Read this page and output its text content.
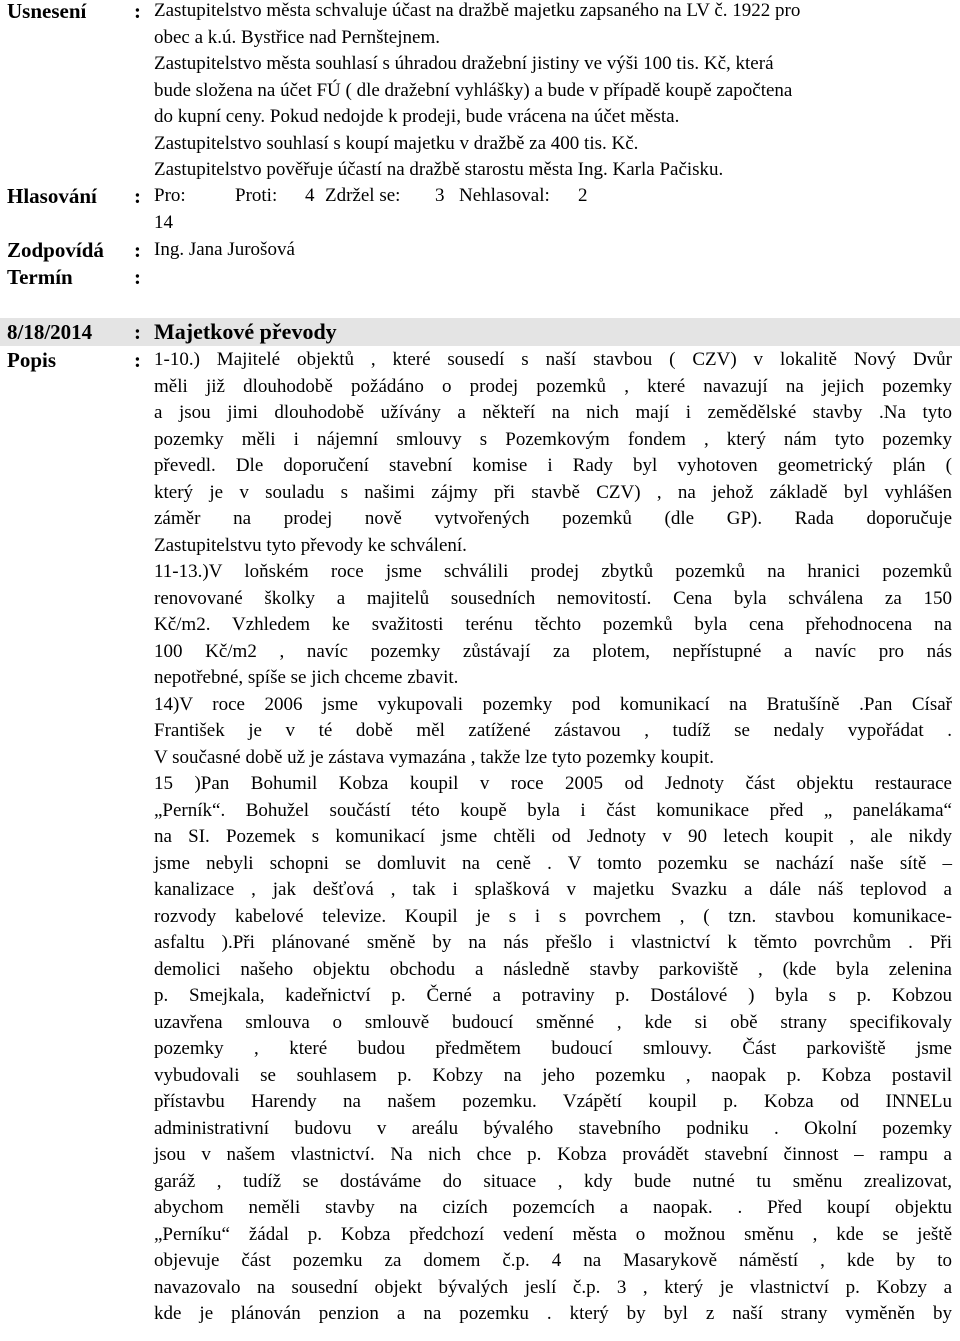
Usnesení : Zastupitelstvo města schvaluje účast na dražbě majetku zapsaného na LV č. 1922 pro
obec a k.ú. Bystřice nad Pernštejnem.
Zastupitelstvo města souhlasí s úhradou dražební jistiny ve výši 100 tis. Kč, která
bude složena na účet FÚ ( dle dražební vyhlášky) a bude v případě koupě započtena
do kupní ceny. Pokud nedojde k prodeji, bude vrácena na účet města.
Zastupitelstvo souhlasí s koupí majetku v dražbě za 400 tis. Kč.
Zastupitelstvo pověřuje účastí na dražbě starostu města Ing. Karla Pačisku.
Hlasování : Pro:	Proti: 4 Zdržel se: 3 Nehlasoval: 2
14
Zodpovídá : Ing. Jana Jurošová
Termín	:
8/18/2014 : Majetkové převody
Popis	: 1-10.) Majitelé objektů , které sousedí s naší stavbou ( CZV) v lokalitě Nový Dvůr
měli již dlouhodobě požádáno o prodej pozemků , které navazují na jejich pozemky
a jsou jimi dlouhodobě užívány a někteří na nich mají i zemědělské stavby .Na tyto
pozemky měli i nájemní smlouvy s Pozemkovým fondem , který nám tyto pozemky
převedl. Dle doporučení stavební komise i Rady byl vyhotoven geometrický plán (
který je v souladu s našimi zájmy při stavbě CZV) , na jehož základě byl vyhlášen
záměr na prodej nově vytvořených pozemků (dle GP). Rada doporučuje
Zastupitelstvu tyto převody ke schválení.
11-13.)V loňském roce jsme schválili prodej zbytků pozemků na hranici pozemků
renovované školky a majitelů sousedních nemovitostí. Cena byla schválena za 150
Kč/m2. Vzhledem ke svažitosti terénu těchto pozemků byla cena přehodnocena na
100 Kč/m2 , navíc pozemky zůstávají za plotem, nepřístupné a navíc pro nás
nepotřebné, spíše se jich chceme zbavit.
14)V roce 2006 jsme vykupovali pozemky pod komunikací na Bratušíně .Pan Císař
František je v té době měl zatížené zástavou , tudíž se nedaly vypořádat .
V současné době už je zástava vymazána , takže lze tyto pozemky koupit.
15 )Pan Bohumil Kobza koupil v roce 2005 od Jednoty část objektu restaurace
„Perník“. Bohužel součástí této koupě byla i část komunikace před „ panelákama“
na SI. Pozemek s komunikací jsme chtěli od Jednoty v 90 letech koupit , ale nikdy
jsme nebyli schopni se domluvit na ceně . V tomto pozemku se nachází naše sítě –
kanalizace , jak dešťová , tak i splašková v majetku Svazku a dále náš teplovod a
rozvody kabelové televize. Koupil je s i s povrchem , ( tzn. stavbou komunikace-
asfaltu ).Při plánované směně by na nás přešlo i vlastnictví k těmto povrchům . Při
demolici našeho objektu obchodu a následně stavby parkoviště , (kde byla zelenina
p. Smejkala, kadeřnictví p. Černé a potraviny p. Dostálové ) byla s p. Kobzou
uzavřena smlouva o smlouvě budoucí směnné , kde si obě strany specifikovaly
pozemky , které budou předmětem budoucí smlouvy. Část parkoviště jsme
vybudovali se souhlasem p. Kobzy na jeho pozemku , naopak p. Kobza postavil
přístavbu Harendy na našem pozemku. Vzápětí koupil p. Kobza od INNELu
administrativní budovu v areálu bývalého stavebního podniku . Okolní pozemky
jsou v našem vlastnictví. Na nich chce p. Kobza provádět stavební činnost – rampu a
garáž , tudíž se dostáváme do situace , kdy bude nutné tu směnu zrealizovat,
abychom neměli stavby na cizích pozemcích a naopak. . Před koupí objektu
„Perníku“ žádal p. Kobza předchozí vedení města o možnou směnu , kde se ještě
objevuje část pozemku za domem č.p. 4 na Masarykově náměstí , kde by to
navazovalo na sousední objekt bývalých jeslí č.p. 3 , který je vlastnictví p. Kobzy a
kde je plánován penzion a na pozemku . který by byl z naší strany vyměněn by
